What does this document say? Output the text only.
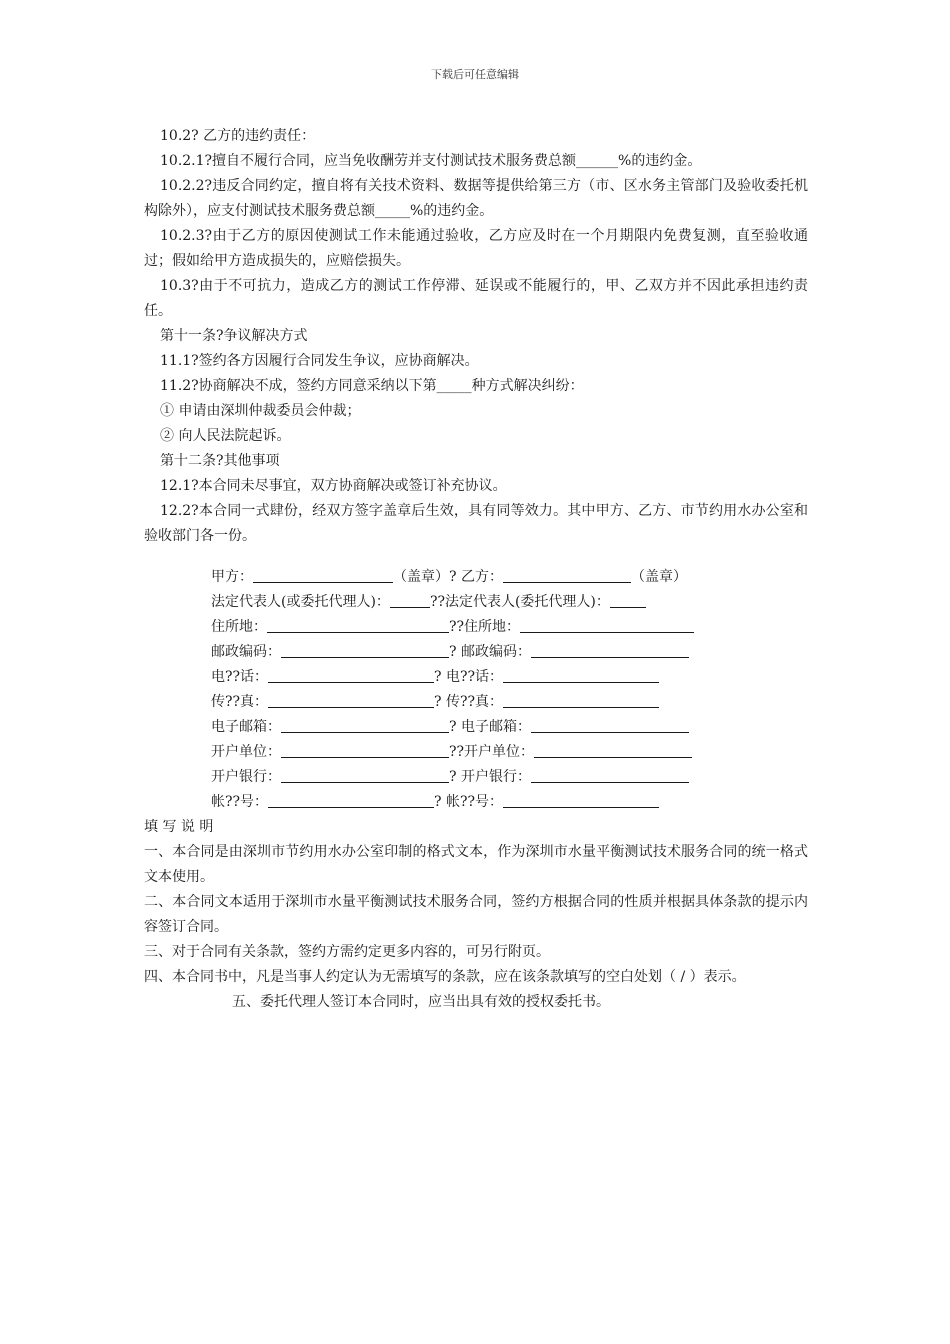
下载后可任意编辑

10.2? 乙方的违约责任：

10.2.1?擅自不履行合同，应当免收酬劳并支付测试技术服务费总额______%的违约金。

10.2.2?违反合同约定，擅自将有关技术资料、数据等提供给第三方（市、区水务主管部门及验收委托机构除外），应支付测试技术服务费总额_____%的违约金。

10.2.3?由于乙方的原因使测试工作未能通过验收，乙方应及时在一个月期限内免费复测，直至验收通过；假如给甲方造成损失的，应赔偿损失。

10.3?由于不可抗力，造成乙方的测试工作停滞、延误或不能履行的，甲、乙双方并不因此承担违约责任。

第十一条?争议解决方式

11.1?签约各方因履行合同发生争议，应协商解决。

11.2?协商解决不成，签约方同意采纳以下第_____种方式解决纠纷：

① 申请由深圳仲裁委员会仲裁；

② 向人民法院起诉。

第十二条?其他事项

12.1?本合同未尽事宜，双方协商解决或签订补充协议。

12.2?本合同一式肆份，经双方签字盖章后生效，具有同等效力。其中甲方、乙方、市节约用水办公室和验收部门各一份。

甲方：	（盖章）? 乙方：	（盖章）
法定代表人(或委托代理人)：	??法定代表人(委托代理人)：
住所地：	??住所地：
邮政编码：	? 邮政编码：
电??话：	? 电??话：
传??真：	? 传??真：
电子邮箱：	? 电子邮箱：
开户单位：	??开户单位：
开户银行：	? 开户银行：
帐??号：	? 帐??号：

填 写 说 明

一、本合同是由深圳市节约用水办公室印制的格式文本，作为深圳市水量平衡测试技术服务合同的统一格式文本使用。

二、本合同文本适用于深圳市水量平衡测试技术服务合同，签约方根据合同的性质并根据具体条款的提示内容签订合同。

三、对于合同有关条款，签约方需约定更多内容的，可另行附页。

四、本合同书中，凡是当事人约定认为无需填写的条款，应在该条款填写的空白处划（ / ）表示。

五、委托代理人签订本合同时，应当出具有效的授权委托书。
